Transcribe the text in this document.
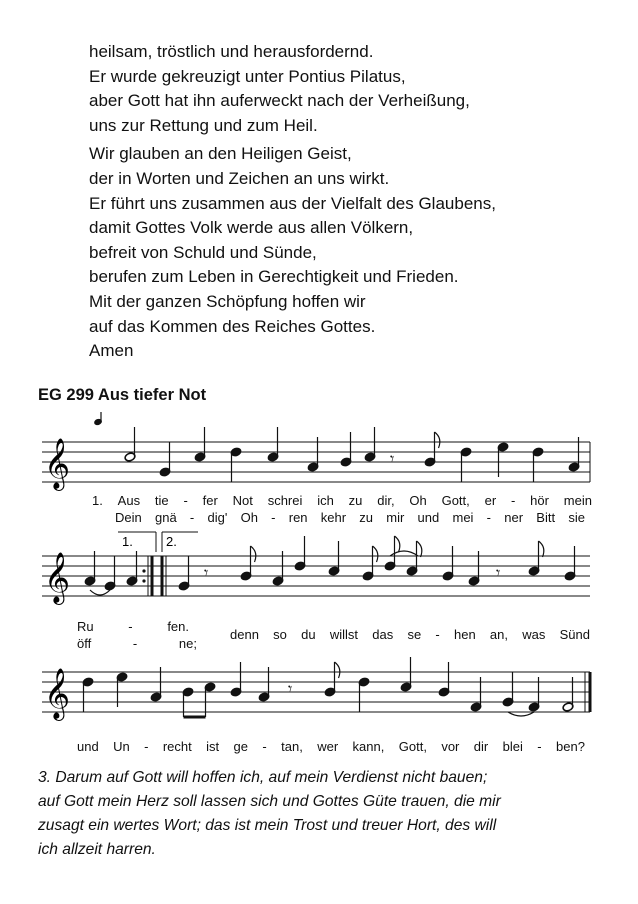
heilsam, tröstlich und herausfordernd.
Er wurde gekreuzigt unter Pontius Pilatus,
aber Gott hat ihn auferweckt nach der Verheißung,
uns zur Rettung und zum Heil.
Wir glauben an den Heiligen Geist,
der in Worten und Zeichen an uns wirkt.
Er führt uns zusammen aus der Vielfalt des Glaubens,
damit Gottes Volk werde aus allen Völkern,
befreit von Schuld und Sünde,
berufen zum Leben in Gerechtigkeit und Frieden.
Mit der ganzen Schöpfung hoffen wir
auf das Kommen des Reiches Gottes.
Amen
EG 299 Aus tiefer Not
𝄞	𝄾
1. Aus tie - fer Not schrei ich zu dir, Oh Gott, er - hör mein
Dein gnä - dig' Oh - ren kehr zu mir und mei - ner Bitt sie
1.	2.
𝄞	𝄾	𝄾
Ru	-	fen.
öff	-	ne;
denn so du willst das se - hen an, was Sünd
𝄞	𝄾
und Un - recht ist ge - tan, wer kann, Gott, vor dir blei - ben?
3. Darum auf Gott will hoffen ich, auf mein Verdienst nicht bauen;
auf Gott mein Herz soll lassen sich und Gottes Güte trauen, die mir
zusagt ein wertes Wort; das ist mein Trost und treuer Hort, des will
ich allzeit harren.
